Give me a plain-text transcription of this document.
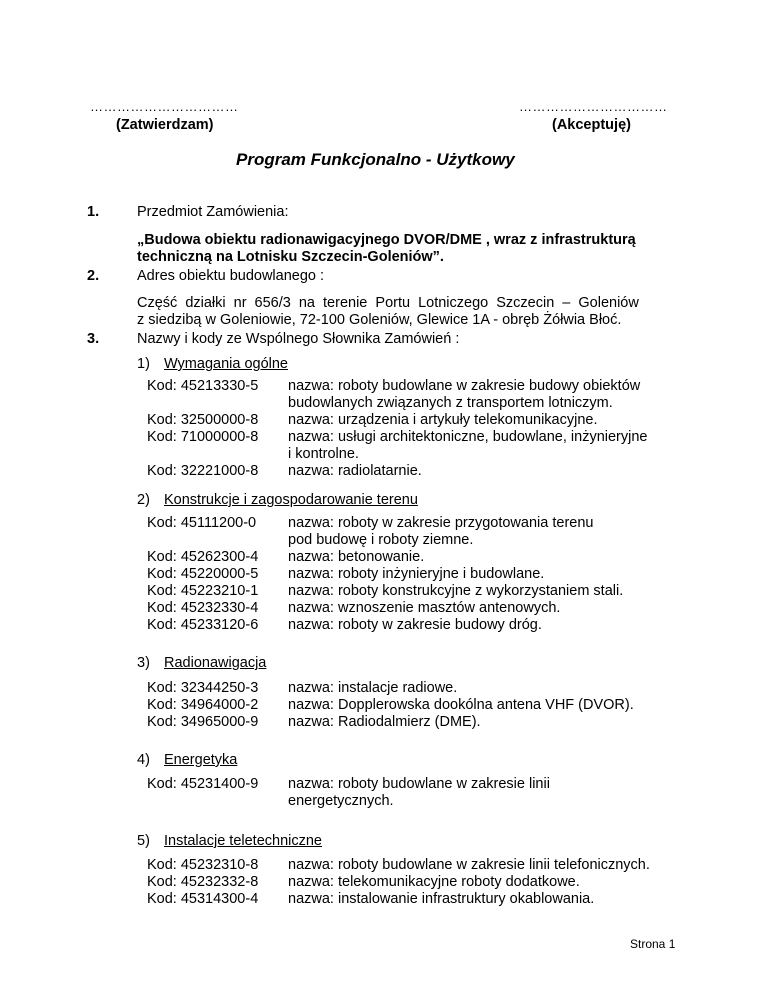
……………………………
(Zatwierdzam)
……………………………
(Akceptuję)
Program Funkcjonalno - Użytkowy
1.	Przedmiot Zamówienia:
„Budowa obiektu radionawigacyjnego DVOR/DME , wraz z infrastrukturą
techniczną na Lotnisku Szczecin-Goleniów”.
2.	Adres obiektu budowlanego :
Część działki nr 656/3 na terenie Portu Lotniczego Szczecin – Goleniów
z siedzibą w Goleniowie, 72-100 Goleniów, Glewice 1A - obręb Żółwia Błoć.
3.	Nazwy i kody ze Wspólnego Słownika Zamówień :
1) Wymagania ogólne
Kod: 45213330-5 nazwa: roboty budowlane w zakresie budowy obiektów
budowlanych związanych z transportem lotniczym.
Kod: 32500000-8 nazwa: urządzenia i artykuły telekomunikacyjne.
Kod: 71000000-8 nazwa: usługi architektoniczne, budowlane, inżynieryjne
i kontrolne.
Kod: 32221000-8 nazwa: radiolatarnie.
2) Konstrukcje i zagospodarowanie terenu
Kod: 45111200-0 nazwa: roboty w zakresie przygotowania terenu
pod budowę i roboty ziemne.
Kod: 45262300-4 nazwa: betonowanie.
Kod: 45220000-5 nazwa: roboty inżynieryjne i budowlane.
Kod: 45223210-1 nazwa: roboty konstrukcyjne z wykorzystaniem stali.
Kod: 45232330-4 nazwa: wznoszenie masztów antenowych.
Kod: 45233120-6 nazwa: roboty w zakresie budowy dróg.
3) Radionawigacja
Kod: 32344250-3 nazwa: instalacje radiowe.
Kod: 34964000-2 nazwa: Dopplerowska dookólna antena VHF (DVOR).
Kod: 34965000-9 nazwa: Radiodalmierz (DME).
4) Energetyka
Kod: 45231400-9 nazwa: roboty budowlane w zakresie linii
energetycznych.
5) Instalacje teletechniczne
Kod: 45232310-8 nazwa: roboty budowlane w zakresie linii telefonicznych.
Kod: 45232332-8 nazwa: telekomunikacyjne roboty dodatkowe.
Kod: 45314300-4 nazwa: instalowanie infrastruktury okablowania.
Strona 1
